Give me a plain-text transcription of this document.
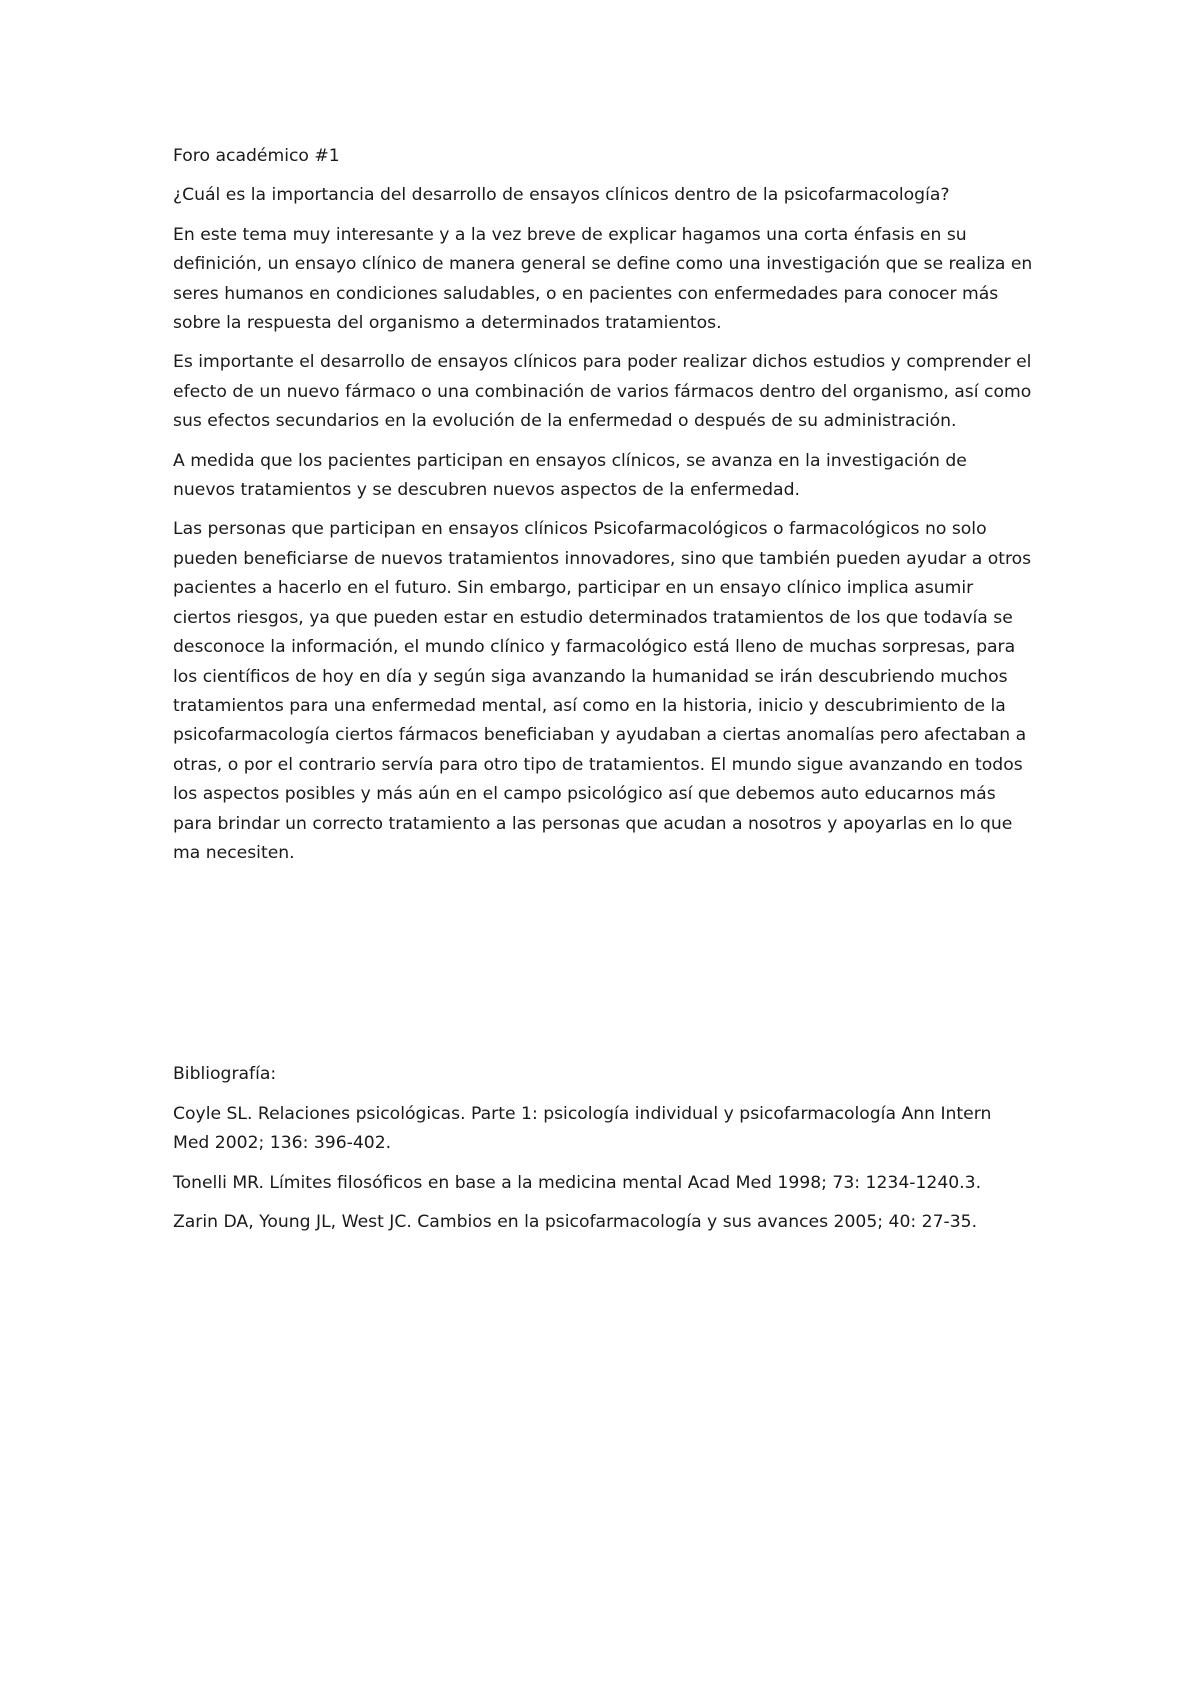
Foro académico #1

¿Cuál es la importancia del desarrollo de ensayos clínicos dentro de la psicofarmacología?

En este tema muy interesante y a la vez breve de explicar hagamos una corta énfasis en su definición, un ensayo clínico de manera general se define como una investigación que se realiza en seres humanos en condiciones saludables, o en pacientes con enfermedades para conocer más sobre la respuesta del organismo a determinados tratamientos.

Es importante el desarrollo de ensayos clínicos para poder realizar dichos estudios y comprender el efecto de un nuevo fármaco o una combinación de varios fármacos dentro del organismo, así como sus efectos secundarios en la evolución de la enfermedad o después de su administración.

A medida que los pacientes participan en ensayos clínicos, se avanza en la investigación de nuevos tratamientos y se descubren nuevos aspectos de la enfermedad.

Las personas que participan en ensayos clínicos Psicofarmacológicos o farmacológicos no solo pueden beneficiarse de nuevos tratamientos innovadores, sino que también pueden ayudar a otros pacientes a hacerlo en el futuro. Sin embargo, participar en un ensayo clínico implica asumir ciertos riesgos, ya que pueden estar en estudio determinados tratamientos de los que todavía se desconoce la información, el mundo clínico y farmacológico está lleno de muchas sorpresas, para los científicos de hoy en día y según siga avanzando la humanidad se irán descubriendo muchos tratamientos para una enfermedad mental, así como en la historia, inicio y descubrimiento de la psicofarmacología ciertos fármacos beneficiaban y ayudaban a ciertas anomalías pero afectaban a otras, o por el contrario servía para otro tipo de tratamientos. El mundo sigue avanzando en todos los aspectos posibles y más aún en el campo psicológico así que debemos auto educarnos más para brindar un correcto tratamiento a las personas que acudan a nosotros y apoyarlas en lo que ma necesiten.

Bibliografía:

Coyle SL. Relaciones psicológicas. Parte 1: psicología individual y psicofarmacología Ann Intern Med 2002; 136: 396-402.

Tonelli MR. Límites filosóficos en base a la medicina mental Acad Med 1998; 73: 1234-1240.3.

Zarin DA, Young JL, West JC. Cambios en la psicofarmacología y sus avances 2005; 40: 27-35.
